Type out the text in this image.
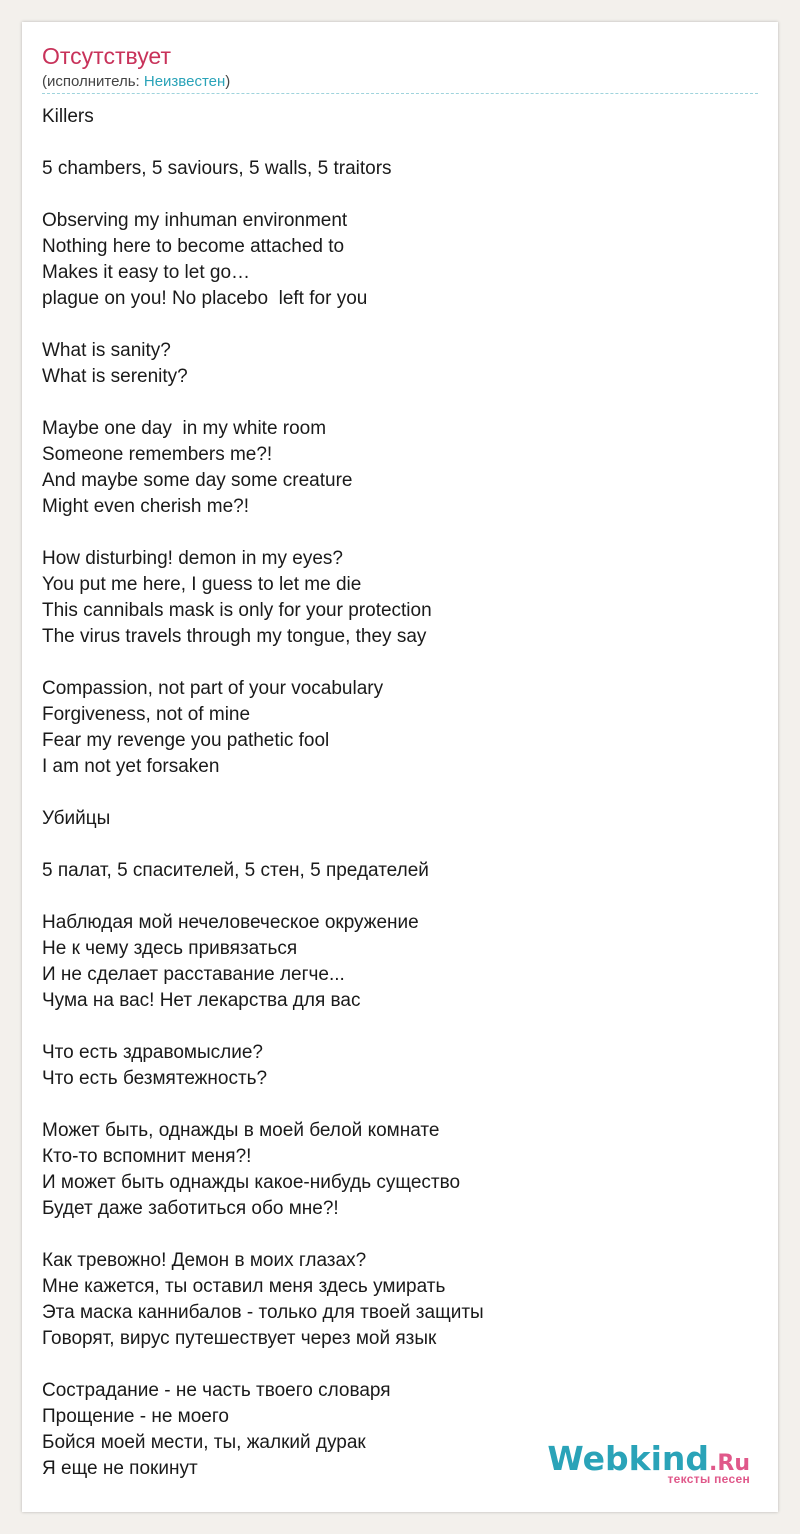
Отсутствует
(исполнитель: Неизвестен)
Killers
5 chambers, 5 saviours, 5 walls, 5 traitors
Observing my inhuman environment
Nothing here to become attached to
Makes it easy to let go…
plague on you! No placebo  left for you
What is sanity?
What is serenity?
Maybe one day  in my white room
Someone remembers me?!
And maybe some day some creature
Might even cherish me?!
How disturbing! demon in my eyes?
You put me here, I guess to let me die
This cannibals mask is only for your protection
The virus travels through my tongue, they say
Compassion, not part of your vocabulary
Forgiveness, not of mine
Fear my revenge you pathetic fool
I am not yet forsaken
Убийцы
5 палат, 5 спасителей, 5 стен, 5 предателей
Наблюдая мой нечеловеческое окружение
Не к чему здесь привязаться
И не сделает расставание легче...
Чума на вас! Нет лекарства для вас
Что есть здравомыслие?
Что есть безмятежность?
Может быть, однажды в моей белой комнате
Кто-то вспомнит меня?!
И может быть однажды какое-нибудь существо
Будет даже заботиться обо мне?!
Как тревожно! Демон в моих глазах?
Мне кажется, ты оставил меня здесь умирать
Эта маска каннибалов - только для твоей защиты
Говорят, вирус путешествует через мой язык
Сострадание - не часть твоего словаря
Прощение - не моего
Бойся моей мести, ты, жалкий дурак
Я еще не покинут	Webkind.Ru
тексты песен
